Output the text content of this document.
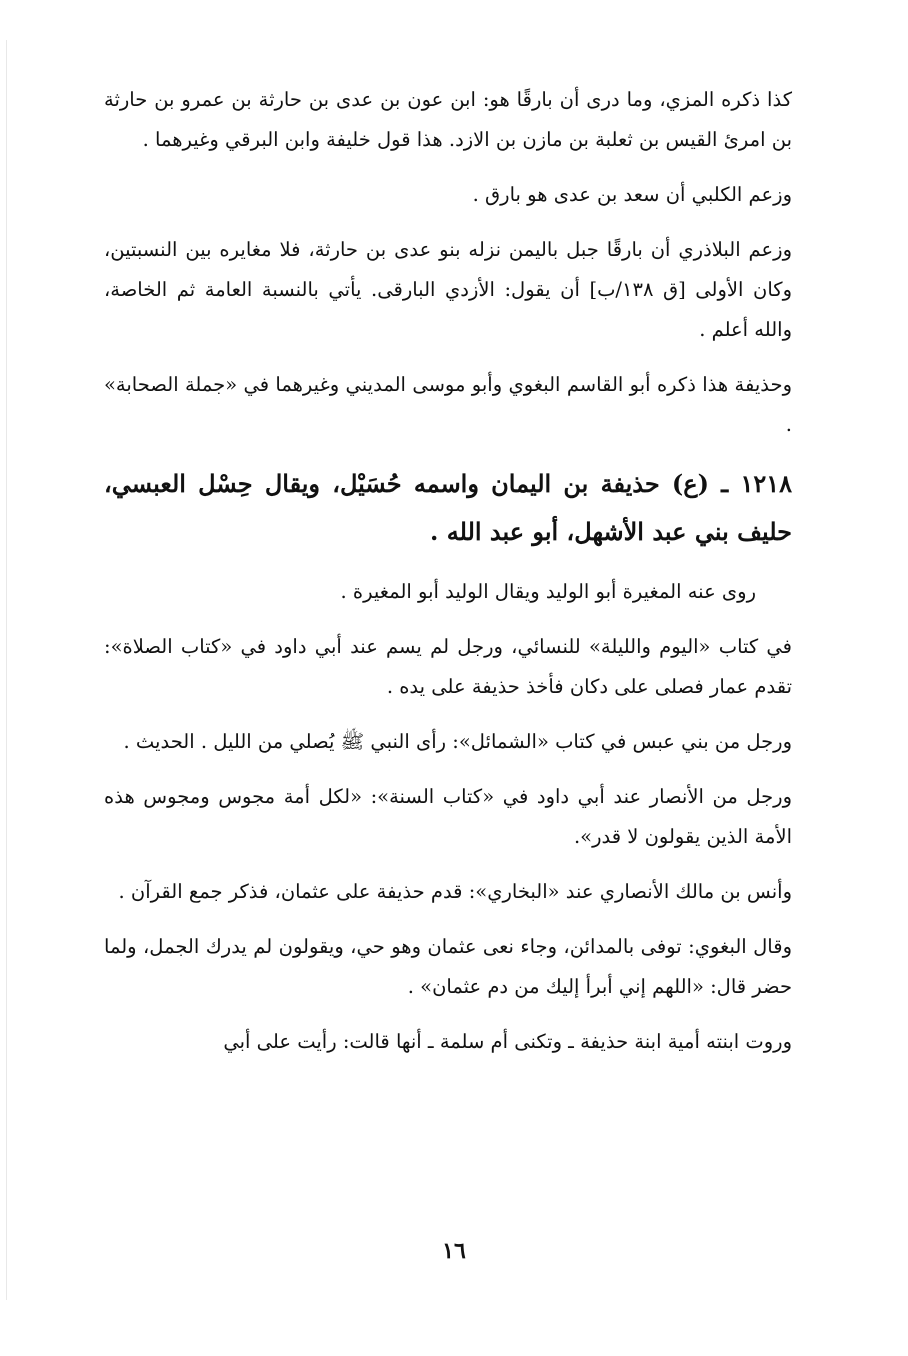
كذا ذكره المزي، وما درى أن بارقًا هو: ابن عون بن عدى بن حارثة بن عمرو بن حارثة بن امرئ القيس بن ثعلبة بن مازن بن الازد. هذا قول خليفة وابن البرقي وغيرهما .

وزعم الكلبي أن سعد بن عدى هو بارق .

وزعم البلاذري أن بارقًا جبل باليمن نزله بنو عدى بن حارثة، فلا مغايره بين النسبتين، وكان الأولى [ق ١٣٨/ب] أن يقول: الأزدي البارقى. يأتي بالنسبة العامة ثم الخاصة، والله أعلم .

وحذيفة هذا ذكره أبو القاسم البغوي وأبو موسى المديني وغيرهما في «جملة الصحابة» .

١٢١٨ ـ (ع) حذيفة بن اليمان واسمه حُسَيْل، ويقال حِسْل العبسي، حليف بني عبد الأشهل، أبو عبد الله .

روى عنه المغيرة أبو الوليد ويقال الوليد أبو المغيرة .

في كتاب «اليوم والليلة» للنسائي، ورجل لم يسم عند أبي داود في «كتاب الصلاة»: تقدم عمار فصلى على دكان فأخذ حذيفة على يده .

ورجل من بني عبس في كتاب «الشمائل»: رأى النبي ﷺ يُصلي من الليل . الحديث .

ورجل من الأنصار عند أبي داود في «كتاب السنة»: «لكل أمة مجوس ومجوس هذه الأمة الذين يقولون لا قدر».

وأنس بن مالك الأنصاري عند «البخاري»: قدم حذيفة على عثمان، فذكر جمع القرآن .

وقال البغوي: توفى بالمدائن، وجاء نعى عثمان وهو حي، ويقولون لم يدرك الجمل، ولما حضر قال: «اللهم إني أبرأ إليك من دم عثمان» .

وروت ابنته أمية ابنة حذيفة ـ وتكنى أم سلمة ـ أنها قالت: رأيت على أبي

١٦
